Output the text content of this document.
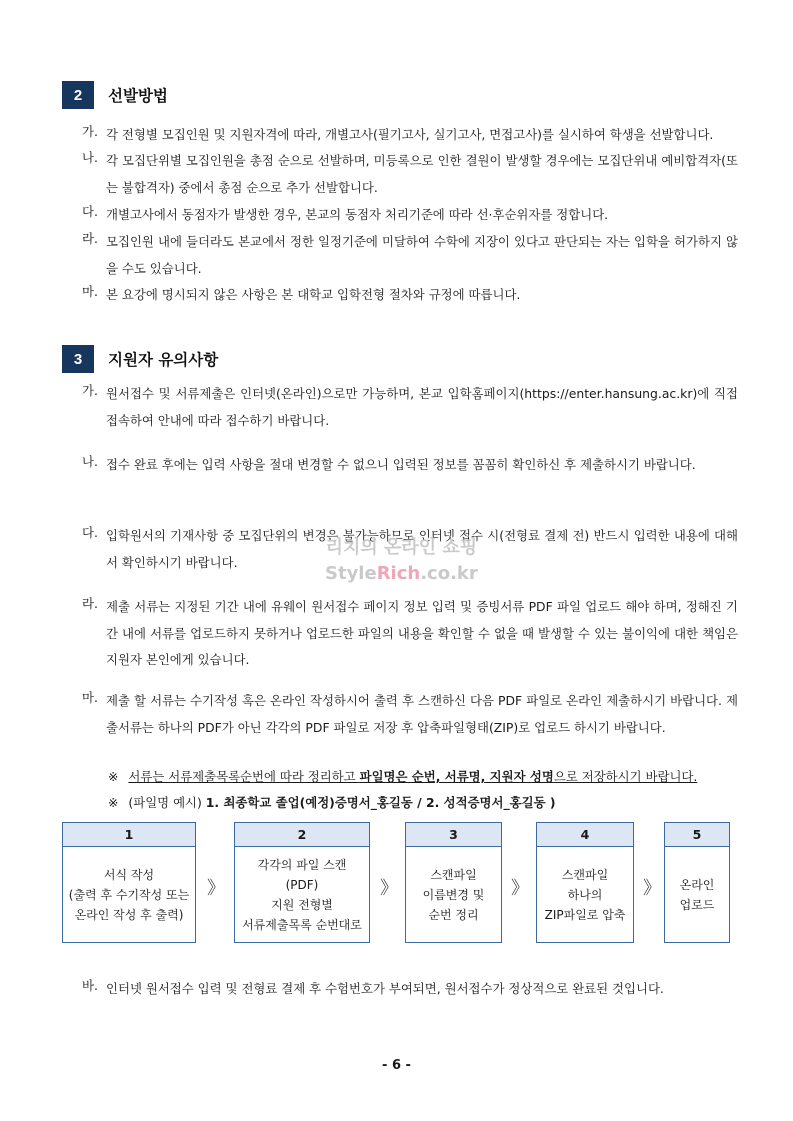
2	선발방법
가. 각 전형별 모집인원 및 지원자격에 따라, 개별고사(필기고사, 실기고사, 면접고사)를 실시하여 학생을 선발합니다.
나. 각 모집단위별 모집인원을 총점 순으로 선발하며, 미등록으로 인한 결원이 발생할 경우에는 모집단위내 예비합격자(또는 불합격자) 중에서 총점 순으로 추가 선발합니다.
다. 개별고사에서 동점자가 발생한 경우, 본교의 동점자 처리기준에 따라 선·후순위자를 정합니다.
라. 모집인원 내에 들더라도 본교에서 정한 일정기준에 미달하여 수학에 지장이 있다고 판단되는 자는 입학을 허가하지 않을 수도 있습니다.
마. 본 요강에 명시되지 않은 사항은 본 대학교 입학전형 절차와 규정에 따릅니다.
3	지원자 유의사항
가. 원서접수 및 서류제출은 인터넷(온라인)으로만 가능하며, 본교 입학홈페이지(https://enter.hansung.ac.kr)에 직접 접속하여 안내에 따라 접수하기 바랍니다.
나. 접수 완료 후에는 입력 사항을 절대 변경할 수 없으니 입력된 정보를 꼼꼼히 확인하신 후 제출하시기 바랍니다.
다. 입학원서의 기재사항 중 모집단위의 변경은 불가능하므로 인터넷 접수 시(전형료 결제 전) 반드시 입력한 내용에 대해서 확인하시기 바랍니다.
라. 제출 서류는 지정된 기간 내에 유웨이 원서접수 페이지 정보 입력 및 증빙서류 PDF 파일 업로드 해야 하며, 정해진 기간 내에 서류를 업로드하지 못하거나 업로드한 파일의 내용을 확인할 수 없을 때 발생할 수 있는 불이익에 대한 책임은 지원자 본인에게 있습니다.
마. 제출 할 서류는 수기작성 혹은 온라인 작성하시어 출력 후 스캔하신 다음 PDF 파일로 온라인 제출하시기 바랍니다. 제출서류는 하나의 PDF가 아닌 각각의 PDF 파일로 저장 후 압축파일형태(ZIP)로 업로드 하시기 바랍니다.
※ 서류는 서류제출목록순번에 따라 정리하고 파일명은 순번, 서류명, 지원자 성명으로 저장하시기 바랍니다.
※ (파일명 예시) 1. 최종학교 졸업(예정)증명서_홍길동 / 2. 성적증명서_홍길동 )
1
서식 작성
(출력 후 수기작성 또는
온라인 작성 후 출력)
》
2
각각의 파일 스캔
(PDF)
지원 전형별
서류제출목록 순번대로
》
3
스캔파일
이름변경 및
순번 정리
》
4
스캔파일
하나의
ZIP파일로 압축
》
5
온라인
업로드
바. 인터넷 원서접수 입력 및 전형료 결제 후 수험번호가 부여되면, 원서접수가 정상적으로 완료된 것입니다.
리치의 온라인 쇼핑
StyleRich.co.kr
- 6 -
